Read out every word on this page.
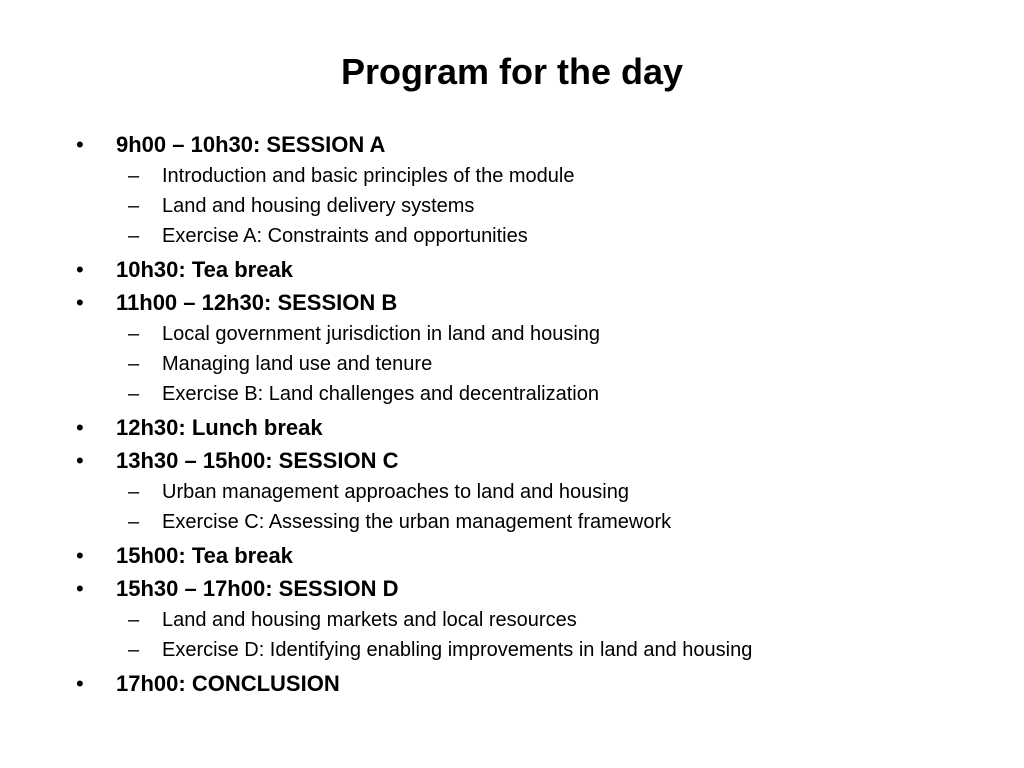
Program for the day
•	9h00 – 10h30: SESSION A
– Introduction and basic principles of the module
– Land and housing delivery systems
– Exercise A: Constraints and opportunities
•	10h30: Tea break
•	11h00 – 12h30: SESSION B
– Local government jurisdiction in land and housing
– Managing land use and tenure
– Exercise B: Land challenges and decentralization
•	12h30: Lunch break
•	13h30 – 15h00: SESSION C
– Urban management approaches to land and housing
– Exercise C: Assessing the urban management framework
•	15h00: Tea break
•	15h30 – 17h00: SESSION D
– Land and housing markets and local resources
– Exercise D: Identifying enabling improvements in land and housing
•	17h00: CONCLUSION
